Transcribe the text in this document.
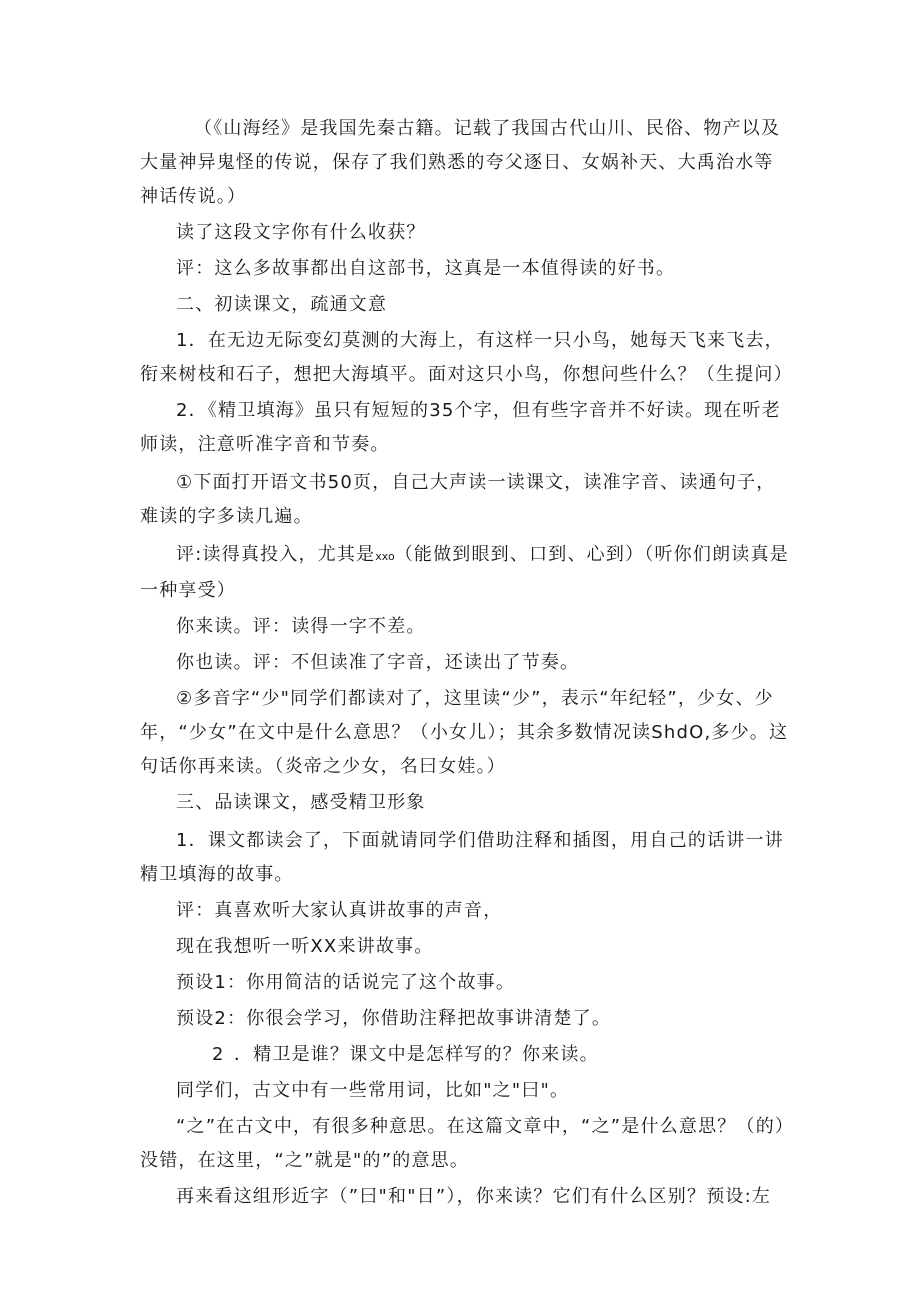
（《山海经》是我国先秦古籍。记载了我国古代山川、民俗、物产以及大量神异鬼怪的传说，保存了我们熟悉的夸父逐日、女娲补天、大禹治水等神话传说。）

读了这段文字你有什么收获？

评：这么多故事都出自这部书，这真是一本值得读的好书。

二、初读课文，疏通文意

1．在无边无际变幻莫测的大海上，有这样一只小鸟，她每天飞来飞去，衔来树枝和石子，想把大海填平。面对这只小鸟，你想问些什么？（生提问）

2．《精卫填海》虽只有短短的35个字，但有些字音并不好读。现在听老师读，注意听准字音和节奏。

①下面打开语文书50页，自己大声读一读课文，读准字音、读通句子，难读的字多读几遍。

评:读得真投入，尤其是xxo（能做到眼到、口到、心到）（听你们朗读真是一种享受）

你来读。评：读得一字不差。

你也读。评：不但读准了字音，还读出了节奏。

②多音字“少"同学们都读对了，这里读“少”，表示“年纪轻”，少女、少年，“少女”在文中是什么意思？（小女儿）；其余多数情况读ShdO,多少。这句话你再来读。（炎帝之少女，名曰女娃。）

三、品读课文，感受精卫形象

1．课文都读会了，下面就请同学们借助注释和插图，用自己的话讲一讲精卫填海的故事。

评：真喜欢听大家认真讲故事的声音，

现在我想听一听XX来讲故事。

预设1：你用简洁的话说完了这个故事。

预设2：你很会学习，你借助注释把故事讲清楚了。

2 ．精卫是谁？课文中是怎样写的？你来读。

同学们，古文中有一些常用词，比如"之"曰"。

“之”在古文中，有很多种意思。在这篇文章中，“之”是什么意思？（的）没错，在这里，“之”就是"的”的意思。

再来看这组形近字（”曰"和"日”），你来读？它们有什么区别？预设:左
